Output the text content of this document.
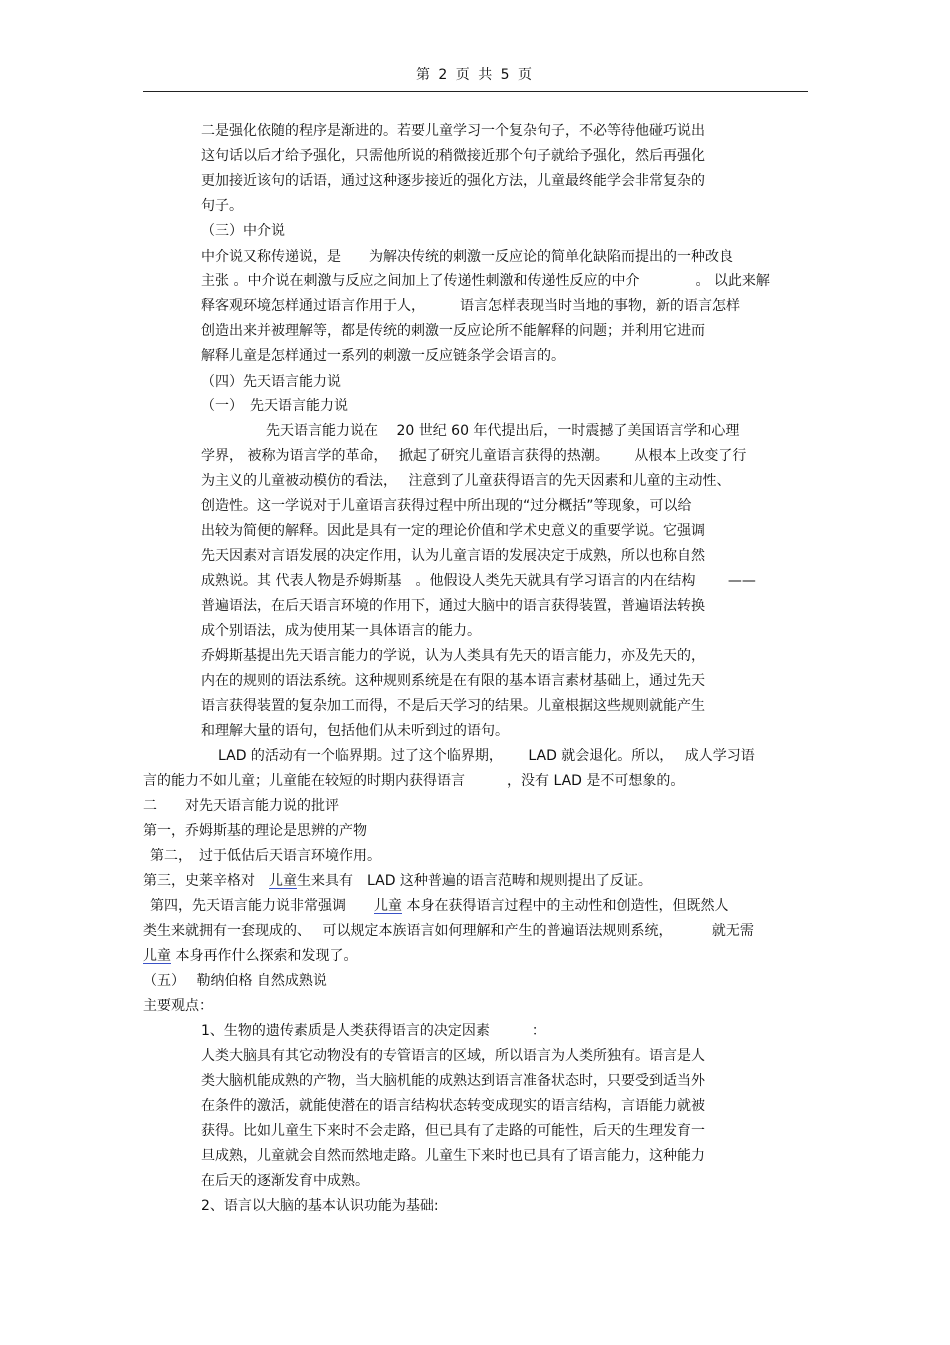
第 2 页 共 5 页
二是强化依随的程序是渐进的。若要儿童学习一个复杂句子，不必等待他碰巧说出
这句话以后才给予强化，只需他所说的稍微接近那个句子就给予强化，然后再强化
更加接近该句的话语，通过这种逐步接近的强化方法，儿童最终能学会非常复杂的
句子。
（三）中介说
中介说又称传递说，是　　为解决传统的刺激一反应论的简单化缺陷而提出的一种改良
主张 。中介说在刺激与反应之间加上了传递性刺激和传递性反应的中介　　　　。 以此来解
释客观环境怎样通过语言作用于人，　　　语言怎样表现当时当地的事物，新的语言怎样
创造出来并被理解等，都是传统的刺激一反应论所不能解释的问题；并利用它进而
解释儿童是怎样通过一系列的刺激一反应链条学会语言的。
（四）先天语言能力说
（一）　先天语言能力说
先天语言能力说在　 20 世纪 60 年代提出后，一时震撼了美国语言学和心理
学界， 被称为语言学的革命，　 掀起了研究儿童语言获得的热潮。　　 从根本上改变了行
为主义的儿童被动模仿的看法，　 注意到了儿童获得语言的先天因素和儿童的主动性、
创造性。这一学说对于儿童语言获得过程中所出现的“过分概括”等现象，可以给
出较为简便的解释。因此是具有一定的理论价值和学术史意义的重要学说。它强调
先天因素对言语发展的决定作用，认为儿童言语的发展决定于成熟，所以也称自然
成熟说。其 代表人物是乔姆斯基　。他假设人类先天就具有学习语言的内在结构　　 ——
普遍语法，在后天语言环境的作用下，通过大脑中的语言获得装置，普遍语法转换
成个别语法，成为使用某一具体语言的能力。
乔姆斯基提出先天语言能力的学说，认为人类具有先天的语言能力，亦及先天的，
内在的规则的语法系统。这种规则系统是在有限的基本语言素材基础上，通过先天
语言获得装置的复杂加工而得，不是后天学习的结果。儿童根据这些规则就能产生
和理解大量的语句，包括他们从未听到过的语句。
LAD 的活动有一个临界期。过了这个临界期，　　 LAD 就会退化。所以，　 成人学习语
言的能力不如儿童；儿童能在较短的时期内获得语言　　　，没有 LAD 是不可想象的。
二　　对先天语言能力说的批评
第一，乔姆斯基的理论是思辨的产物
第二，　过于低估后天语言环境作用。
第三，史莱辛格对　儿童生来具有　LAD 这种普遍的语言范畴和规则提出了反证。
第四，先天语言能力说非常强调　　儿童 本身在获得语言过程中的主动性和创造性，但既然人
类生来就拥有一套现成的、　 可以规定本族语言如何理解和产生的普遍语法规则系统，　　　 就无需
儿童 本身再作什么探索和发现了。
（五）　 勒纳伯格 自然成熟说
主要观点：
1、生物的遗传素质是人类获得语言的决定因素　　　：
人类大脑具有其它动物没有的专管语言的区域，所以语言为人类所独有。语言是人
类大脑机能成熟的产物，当大脑机能的成熟达到语言准备状态时，只要受到适当外
在条件的激活，就能使潜在的语言结构状态转变成现实的语言结构，言语能力就被
获得。比如儿童生下来时不会走路，但已具有了走路的可能性，后天的生理发育一
旦成熟，儿童就会自然而然地走路。儿童生下来时也已具有了语言能力，这种能力
在后天的逐渐发育中成熟。
2、语言以大脑的基本认识功能为基础:
